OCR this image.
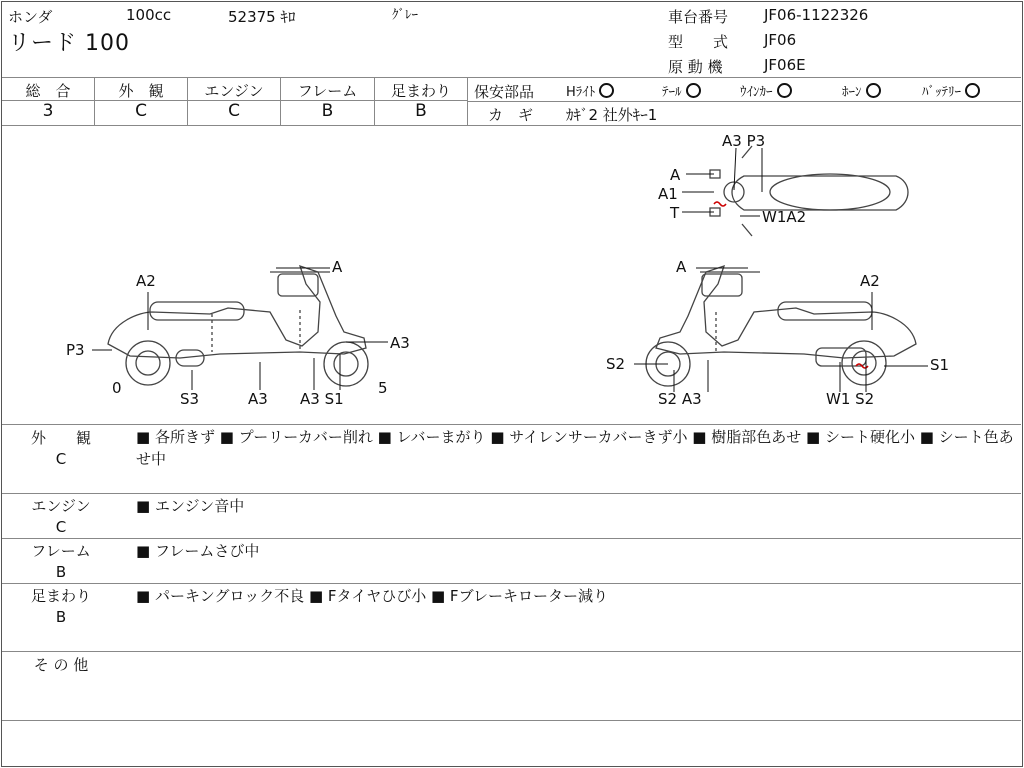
ホンダ	100cc	52375 ｷﾛ	ｸﾞﾚｰ
リード 100
車台番号 JF06-1122326
型　　式 JF06
原 動 機	JF06E
総　合	外　観	エンジン	フレーム	足まわり
3	C	C	B	B
保安部品 Hﾗｲﾄ	ﾃｰﾙ	ｳｲﾝｶｰ	ﾎｰﾝ	ﾊﾞｯﾃﾘｰ
カ　ギ ｶｷﾞ2 社外ｷｰ1
A3 P3
A
A1
T	W1A2
A
A2
P3	A3
0	5
S3	A3 A3 S1
A
A2
S2	S1
S2 A3	W1 S2
外　　観
C
■ 各所きず ■ プーリーカバー削れ ■ レバーまがり ■ サイレンサーカバーきず小 ■ 樹脂部色あせ ■ シート硬化小 ■ シート色あせ中
エンジン
C
■ エンジン音中
フレーム
B
■ フレームさび中
足まわり
B
■ パーキングロック不良 ■ Fタイヤひび小 ■ Fブレーキローター減り
そ の 他
